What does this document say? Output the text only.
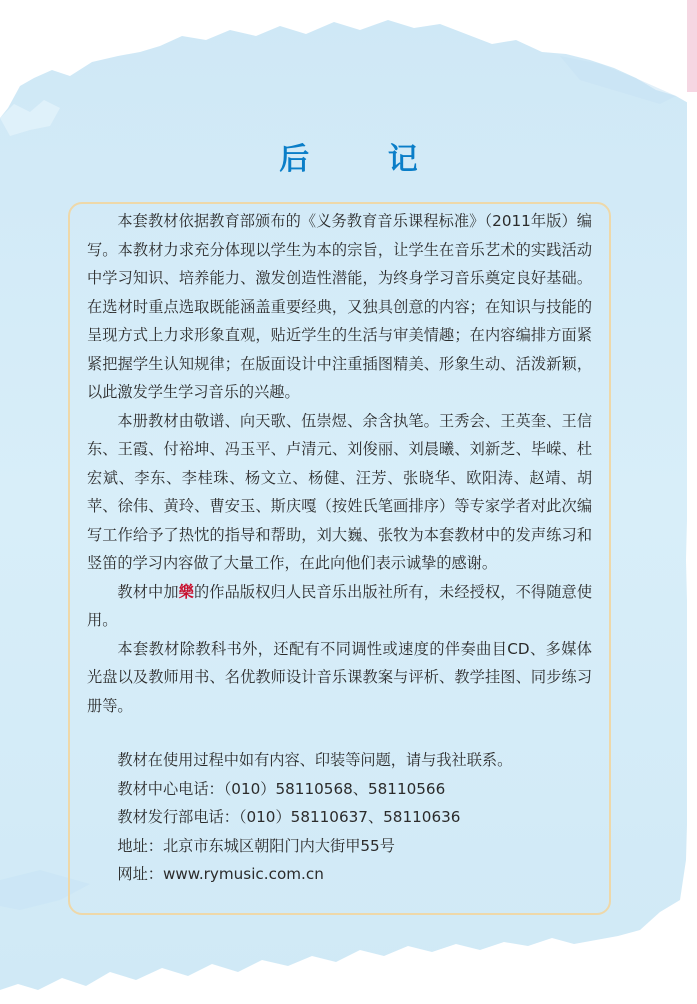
后 记

本套教材依据教育部颁布的《义务教育音乐课程标准》（2011年版）编写。本教材力求充分体现以学生为本的宗旨，让学生在音乐艺术的实践活动中学习知识、培养能力、激发创造性潜能，为终身学习音乐奠定良好基础。在选材时重点选取既能涵盖重要经典，又独具创意的内容；在知识与技能的呈现方式上力求形象直观，贴近学生的生活与审美情趣；在内容编排方面紧紧把握学生认知规律；在版面设计中注重插图精美、形象生动、活泼新颖，以此激发学生学习音乐的兴趣。

本册教材由敬谱、向天歌、伍崇煜、余含执笔。王秀会、王英奎、王信东、王霞、付裕坤、冯玉平、卢清元、刘俊丽、刘晨曦、刘新芝、毕嵘、杜宏斌、李东、李桂珠、杨文立、杨健、汪芳、张晓华、欧阳涛、赵靖、胡苹、徐伟、黄玲、曹安玉、斯庆嘎（按姓氏笔画排序）等专家学者对此次编写工作给予了热忱的指导和帮助，刘大巍、张牧为本套教材中的发声练习和竖笛的学习内容做了大量工作，在此向他们表示诚挚的感谢。

教材中加樂的作品版权归人民音乐出版社所有，未经授权，不得随意使用。

本套教材除教科书外，还配有不同调性或速度的伴奏曲目CD、多媒体光盘以及教师用书、名优教师设计音乐课教案与评析、教学挂图、同步练习册等。

教材在使用过程中如有内容、印装等问题，请与我社联系。

教材中心电话：（010）58110568、58110566

教材发行部电话：（010）58110637、58110636

地址：北京市东城区朝阳门内大街甲55号

网址：www.rymusic.com.cn
